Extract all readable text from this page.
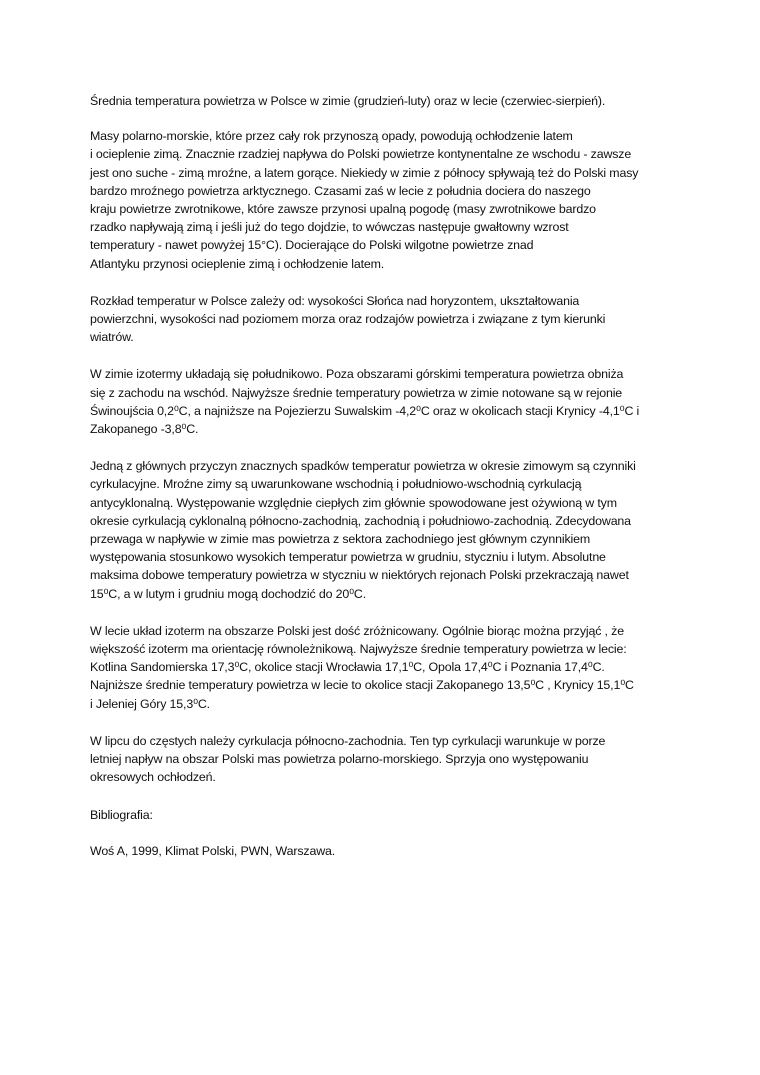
Średnia temperatura powietrza w Polsce w zimie (grudzień-luty) oraz w lecie (czerwiec-sierpień).

Masy polarno-morskie, które przez cały rok przynoszą opady, powodują ochłodzenie latem
i ocieplenie zimą. Znacznie rzadziej napływa do Polski powietrze kontynentalne ze wschodu - zawsze
jest ono suche - zimą mroźne, a latem gorące. Niekiedy w zimie z północy spływają też do Polski masy
bardzo mroźnego powietrza arktycznego. Czasami zaś w lecie z południa dociera do naszego
kraju powietrze zwrotnikowe, które zawsze przynosi upalną pogodę (masy zwrotnikowe bardzo
rzadko napływają zimą i jeśli już do tego dojdzie, to wówczas następuje gwałtowny wzrost
temperatury - nawet powyżej 15°C). Docierające do Polski wilgotne powietrze znad
Atlantyku przynosi ocieplenie zimą i ochłodzenie latem.

Rozkład temperatur w Polsce zależy od: wysokości Słońca nad horyzontem, ukształtowania
powierzchni, wysokości nad poziomem morza oraz rodzajów powietrza i związane z tym kierunki
wiatrów.

W zimie izotermy układają się południkowo. Poza obszarami górskimi temperatura powietrza obniża
się z zachodu na wschód. Najwyższe średnie temperatury powietrza w zimie notowane są w rejonie
Świnoujścia 0,2⁰C, a najniższe na Pojezierzu Suwalskim -4,2⁰C oraz w okolicach stacji Krynicy -4,1⁰C i
Zakopanego -3,8⁰C.

Jedną z głównych przyczyn znacznych spadków temperatur powietrza w okresie zimowym są czynniki
cyrkulacyjne. Mroźne zimy są uwarunkowane wschodnią i południowo-wschodnią cyrkulacją
antycyklonalną. Występowanie względnie ciepłych zim głównie spowodowane jest ożywioną w tym
okresie cyrkulacją cyklonalną północno-zachodnią, zachodnią i południowo-zachodnią. Zdecydowana
przewaga w napływie w zimie mas powietrza z sektora zachodniego jest głównym czynnikiem
występowania stosunkowo wysokich temperatur powietrza w grudniu, styczniu i lutym. Absolutne
maksima dobowe temperatury powietrza w styczniu w niektórych rejonach Polski przekraczają nawet
15⁰C, a w lutym i grudniu mogą dochodzić do 20⁰C.

W lecie układ izoterm na obszarze Polski jest dość zróżnicowany. Ogólnie biorąc można przyjąć , że
większość izoterm ma orientację równoleżnikową. Najwyższe średnie temperatury powietrza w lecie:
Kotlina Sandomierska 17,3⁰C, okolice stacji Wrocławia 17,1⁰C, Opola 17,4⁰C i Poznania 17,4⁰C.
Najniższe średnie temperatury powietrza w lecie to okolice stacji Zakopanego 13,5⁰C , Krynicy 15,1⁰C
i Jeleniej Góry 15,3⁰C.

W lipcu do częstych należy cyrkulacja północno-zachodnia. Ten typ cyrkulacji warunkuje w porze
letniej napływ na obszar Polski mas powietrza polarno-morskiego. Sprzyja ono występowaniu
okresowych ochłodzeń.

Bibliografia:

Woś A, 1999, Klimat Polski, PWN, Warszawa.
